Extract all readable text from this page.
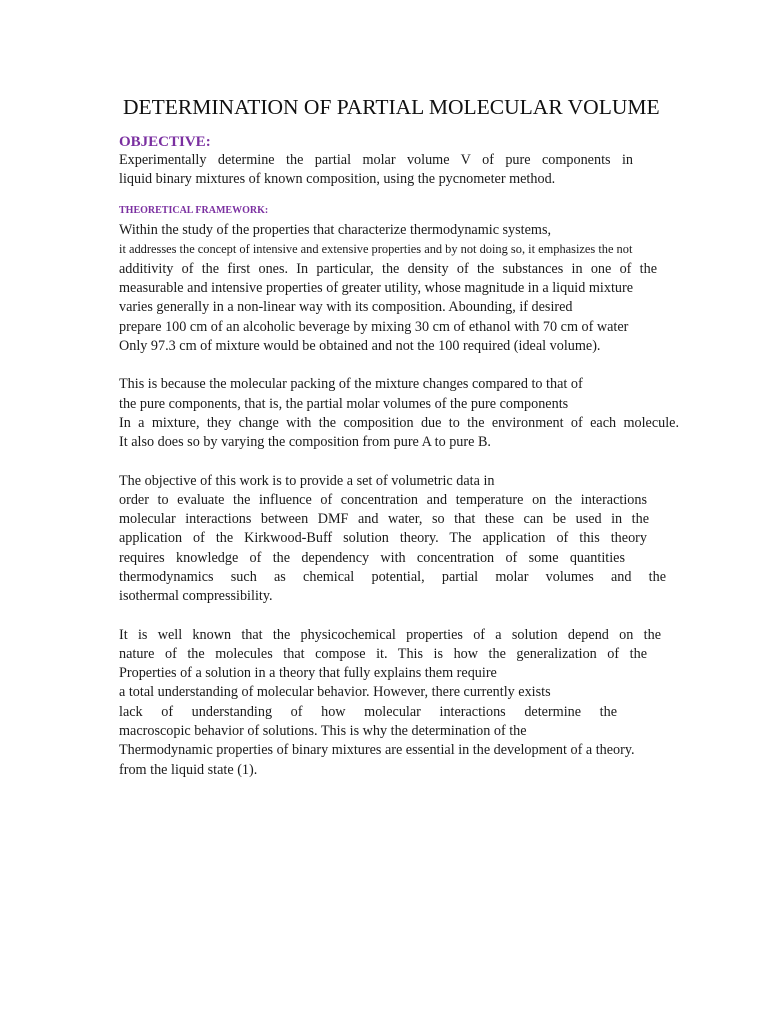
DETERMINATION OF PARTIAL MOLECULAR VOLUME
OBJECTIVE:
Experimentally determine the partial molar volume V of pure components in
liquid binary mixtures of known composition, using the pycnometer method.
THEORETICAL FRAMEWORK:
Within the study of the properties that characterize thermodynamic systems,
it addresses the concept of intensive and extensive properties and by not doing so, it emphasizes the not
additivity of the first ones. In particular, the density of the substances in one of the
measurable and intensive properties of greater utility, whose magnitude in a liquid mixture
varies generally in a non-linear way with its composition. Abounding, if desired
prepare 100 cm of an alcoholic beverage by mixing 30 cm of ethanol with 70 cm of water
Only 97.3 cm of mixture would be obtained and not the 100 required (ideal volume).
This is because the molecular packing of the mixture changes compared to that of
the pure components, that is, the partial molar volumes of the pure components
In a mixture, they change with the composition due to the environment of each molecule.
It also does so by varying the composition from pure A to pure B.
The objective of this work is to provide a set of volumetric data in
order to evaluate the influence of concentration and temperature on the interactions
molecular interactions between DMF and water, so that these can be used in the
application of the Kirkwood-Buff solution theory. The application of this theory
requires knowledge of the dependency with concentration of some quantities
thermodynamics such as chemical potential, partial molar volumes and the
isothermal compressibility.
It is well known that the physicochemical properties of a solution depend on the
nature of the molecules that compose it. This is how the generalization of the
Properties of a solution in a theory that fully explains them require
a total understanding of molecular behavior. However, there currently exists
lack of understanding of how molecular interactions determine the
macroscopic behavior of solutions. This is why the determination of the
Thermodynamic properties of binary mixtures are essential in the development of a theory.
from the liquid state (1).
